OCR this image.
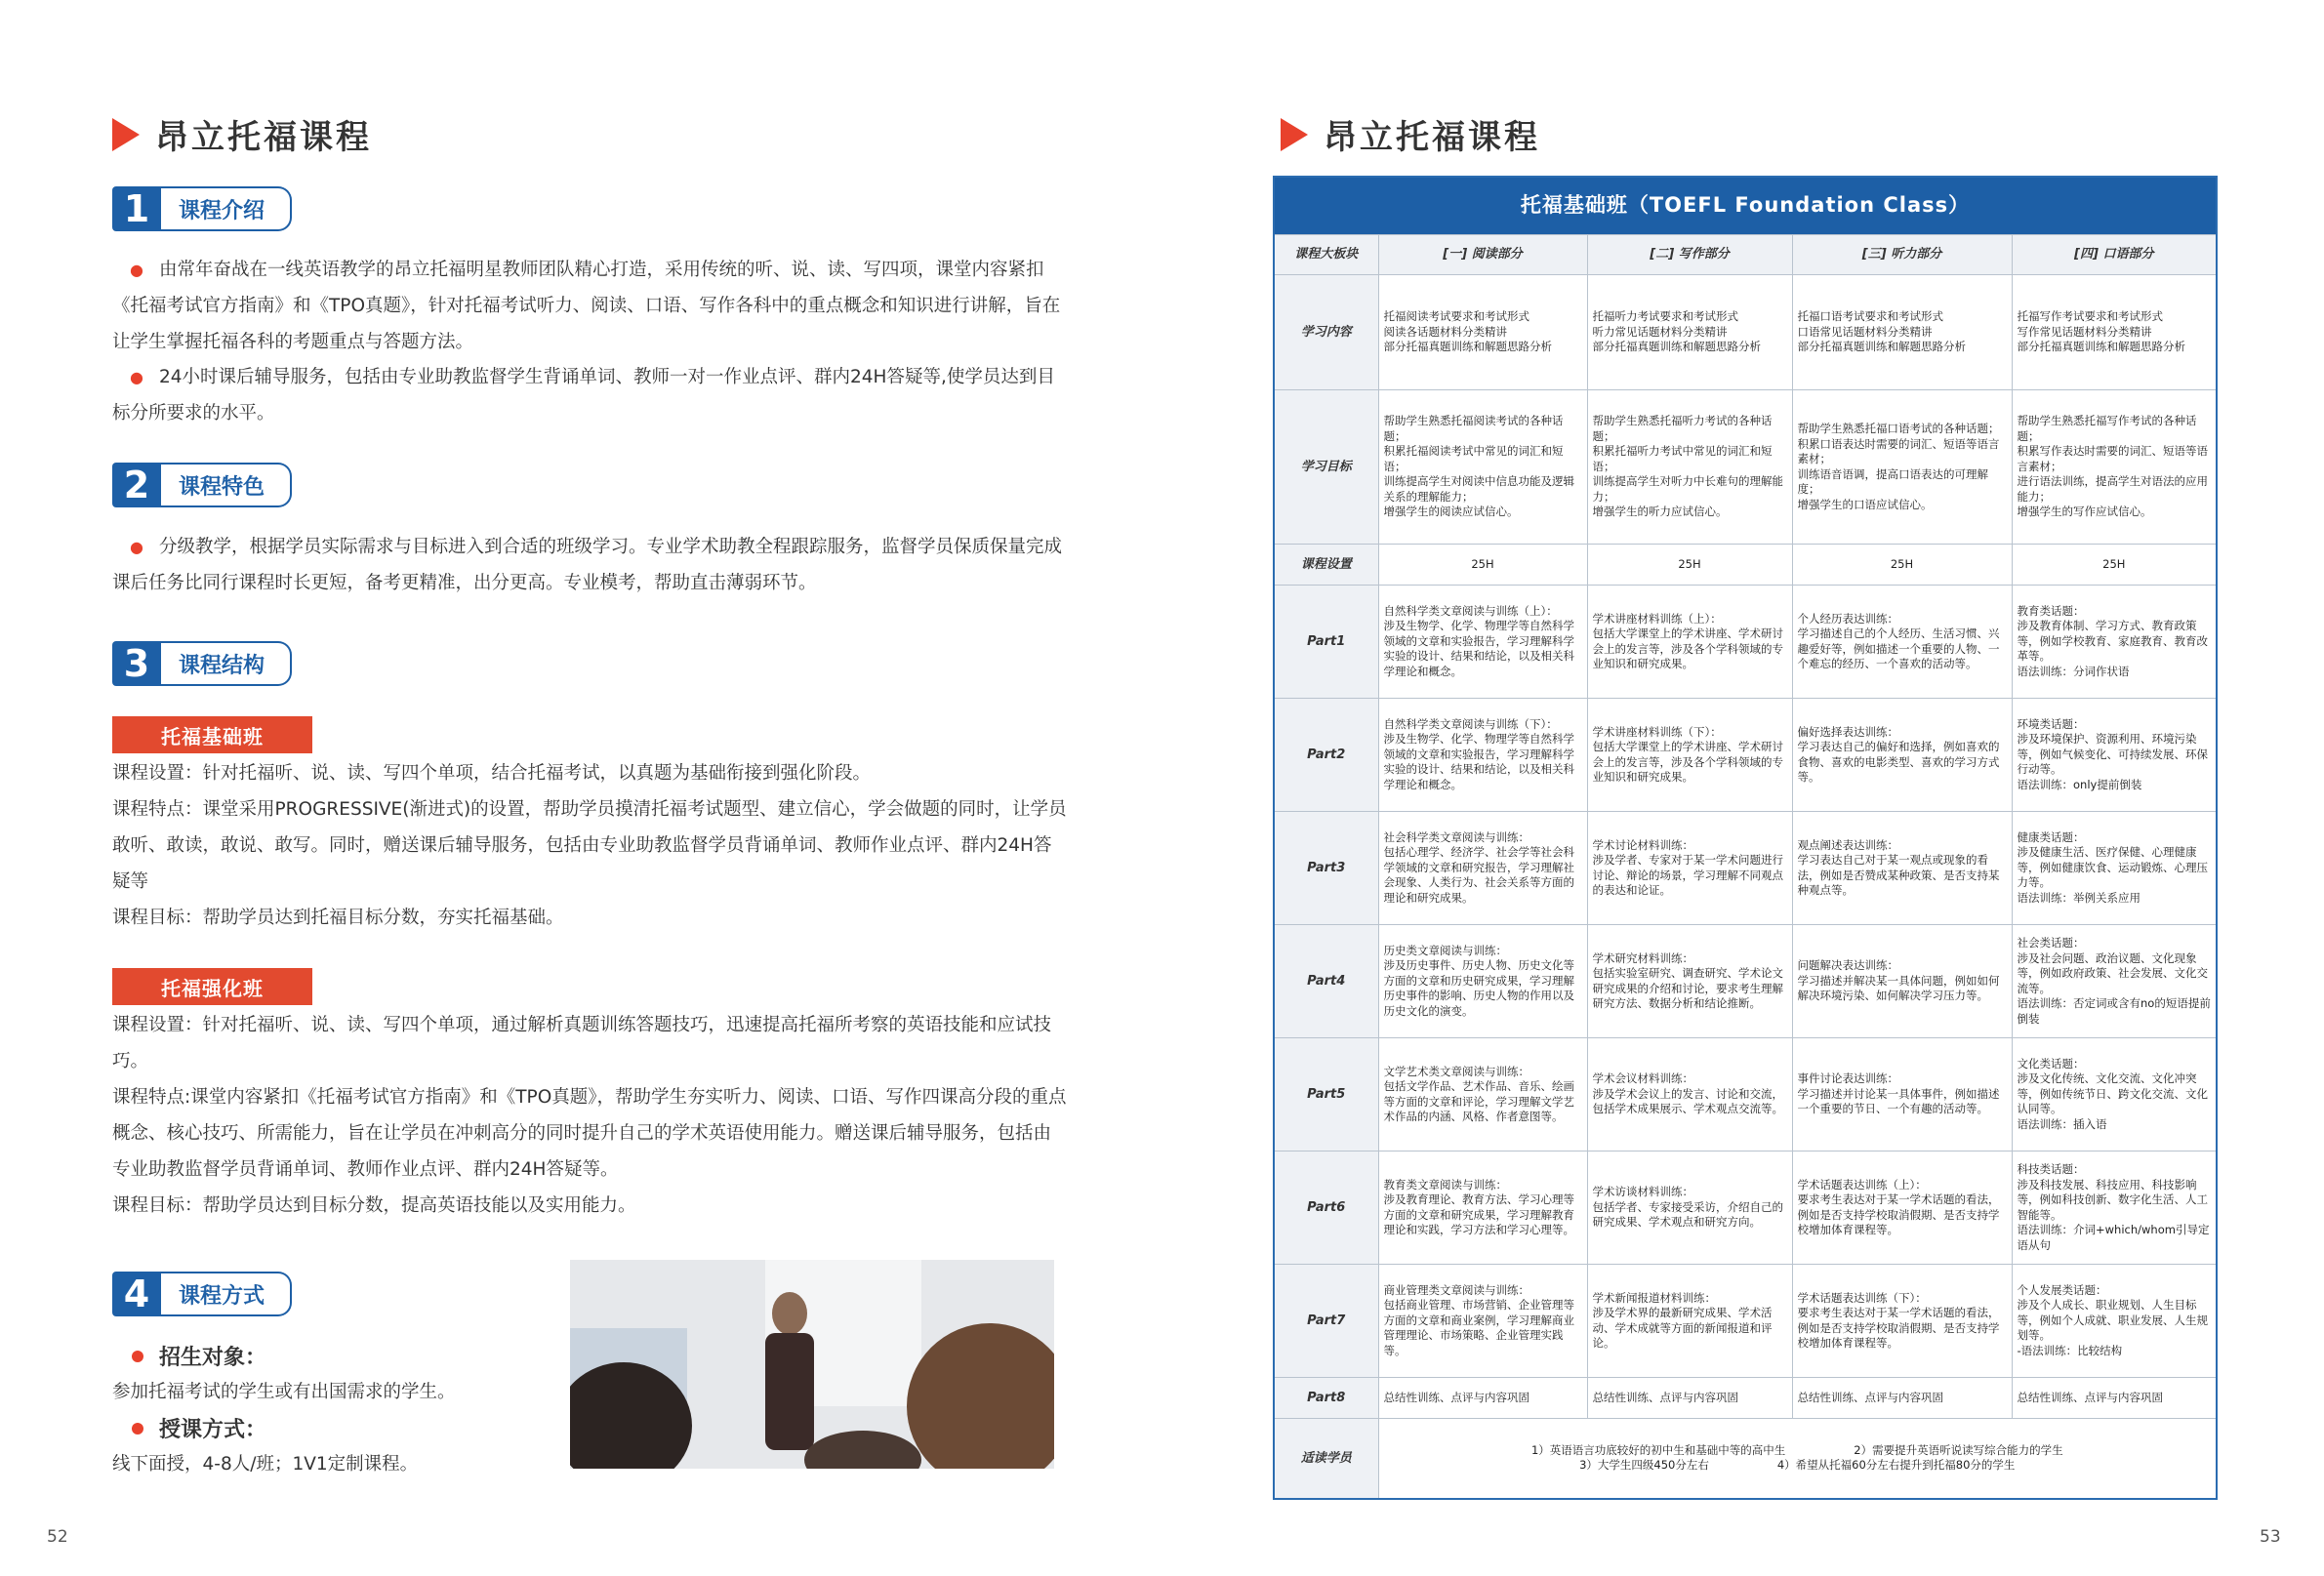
昂立托福课程
1	课程介绍
● 由常年奋战在一线英语教学的昂立托福明星教师团队精心打造，采用传统的听、说、读、写四项，课堂内容紧扣《托福考试官方指南》和《TPO真题》，针对托福考试听力、阅读、口语、写作各科中的重点概念和知识进行讲解，旨在让学生掌握托福各科的考题重点与答题方法。
● 24小时课后辅导服务，包括由专业助教监督学生背诵单词、教师一对一作业点评、群内24H答疑等,使学员达到目标分所要求的水平。
2	课程特色
● 分级教学，根据学员实际需求与目标进入到合适的班级学习。专业学术助教全程跟踪服务，监督学员保质保量完成课后任务比同行课程时长更短，备考更精准，出分更高。专业模考，帮助直击薄弱环节。
3	课程结构
托福基础班
课程设置：针对托福听、说、读、写四个单项，结合托福考试，以真题为基础衔接到强化阶段。
课程特点：课堂采用PROGRESSIVE(渐进式)的设置，帮助学员摸清托福考试题型、建立信心，学会做题的同时，让学员敢听、敢读，敢说、敢写。同时，赠送课后辅导服务，包括由专业助教监督学员背诵单词、教师作业点评、群内24H答疑等
课程目标：帮助学员达到托福目标分数，夯实托福基础。
托福强化班
课程设置：针对托福听、说、读、写四个单项，通过解析真题训练答题技巧，迅速提高托福所考察的英语技能和应试技巧。
课程特点:课堂内容紧扣《托福考试官方指南》和《TPO真题》，帮助学生夯实听力、阅读、口语、写作四课高分段的重点概念、核心技巧、所需能力，旨在让学员在冲刺高分的同时提升自己的学术英语使用能力。赠送课后辅导服务，包括由专业助教监督学员背诵单词、教师作业点评、群内24H答疑等。
课程目标：帮助学员达到目标分数，提高英语技能以及实用能力。
4	课程方式
招生对象：
参加托福考试的学生或有出国需求的学生。
授课方式：
线下面授，4-8人/班；1V1定制课程。
52
昂立托福课程
托福基础班（TOEFL Foundation Class）				
课程大板块	[一] 阅读部分	[二] 写作部分	[三] 听力部分	[四] 口语部分
学习内容	托福阅读考试要求和考试形式
阅读各话题材料分类精讲
部分托福真题训练和解题思路分析	托福听力考试要求和考试形式
听力常见话题材料分类精讲
部分托福真题训练和解题思路分析	托福口语考试要求和考试形式
口语常见话题材料分类精讲
部分托福真题训练和解题思路分析	托福写作考试要求和考试形式
写作常见话题材料分类精讲
部分托福真题训练和解题思路分析
学习目标	帮助学生熟悉托福阅读考试的各种话题；
积累托福阅读考试中常见的词汇和短语；
训练提高学生对阅读中信息功能及逻辑关系的理解能力；
增强学生的阅读应试信心。	帮助学生熟悉托福听力考试的各种话题；
积累托福听力考试中常见的词汇和短语；
训练提高学生对听力中长难句的理解能力；
增强学生的听力应试信心。	帮助学生熟悉托福口语考试的各种话题；
积累口语表达时需要的词汇、短语等语言素材；
训练语音语调，提高口语表达的可理解度；
增强学生的口语应试信心。	帮助学生熟悉托福写作考试的各种话题；
积累写作表达时需要的词汇、短语等语言素材；
进行语法训练，提高学生对语法的应用能力；
增强学生的写作应试信心。
课程设置	25H	25H	25H	25H
Part1	自然科学类文章阅读与训练（上）：
涉及生物学、化学、物理学等自然科学领域的文章和实验报告，学习理解科学实验的设计、结果和结论，以及相关科学理论和概念。	学术讲座材料训练（上）：
包括大学课堂上的学术讲座、学术研讨会上的发言等，涉及各个学科领域的专业知识和研究成果。	个人经历表达训练：
学习描述自己的个人经历、生活习惯、兴趣爱好等，例如描述一个重要的人物、一个难忘的经历、一个喜欢的活动等。	教育类话题：
涉及教育体制、学习方式、教育政策等，例如学校教育、家庭教育、教育改革等。
语法训练：分词作状语
Part2	自然科学类文章阅读与训练（下）：
涉及生物学、化学、物理学等自然科学领域的文章和实验报告，学习理解科学实验的设计、结果和结论，以及相关科学理论和概念。	学术讲座材料训练（下）：
包括大学课堂上的学术讲座、学术研讨会上的发言等，涉及各个学科领域的专业知识和研究成果。	偏好选择表达训练：
学习表达自己的偏好和选择，例如喜欢的食物、喜欢的电影类型、喜欢的学习方式等。	环境类话题：
涉及环境保护、资源利用、环境污染等，例如气候变化、可持续发展、环保行动等。
语法训练：only提前倒装
Part3	社会科学类文章阅读与训练：
包括心理学、经济学、社会学等社会科学领域的文章和研究报告，学习理解社会现象、人类行为、社会关系等方面的理论和研究成果。	学术讨论材料训练：
涉及学者、专家对于某一学术问题进行讨论、辩论的场景，学习理解不同观点的表达和论证。	观点阐述表达训练：
学习表达自己对于某一观点或现象的看法，例如是否赞成某种政策、是否支持某种观点等。	健康类话题：
涉及健康生活、医疗保健、心理健康等，例如健康饮食、运动锻炼、心理压力等。
语法训练：举例关系应用
Part4	历史类文章阅读与训练：
涉及历史事件、历史人物、历史文化等方面的文章和历史研究成果，学习理解历史事件的影响、历史人物的作用以及历史文化的演变。	学术研究材料训练：
包括实验室研究、调查研究、学术论文研究成果的介绍和讨论，要求考生理解研究方法、数据分析和结论推断。	问题解决表达训练：
学习描述并解决某一具体问题，例如如何解决环境污染、如何解决学习压力等。	社会类话题：
涉及社会问题、政治议题、文化现象等，例如政府政策、社会发展、文化交流等。
语法训练：否定词或含有no的短语提前倒装
Part5	文学艺术类文章阅读与训练：
包括文学作品、艺术作品、音乐、绘画等方面的文章和评论，学习理解文学艺术作品的内涵、风格、作者意图等。	学术会议材料训练：
涉及学术会议上的发言、讨论和交流，包括学术成果展示、学术观点交流等。	事件讨论表达训练：
学习描述并讨论某一具体事件，例如描述一个重要的节日、一个有趣的活动等。	文化类话题：
涉及文化传统、文化交流、文化冲突等，例如传统节日、跨文化交流、文化认同等。
语法训练：插入语
Part6	教育类文章阅读与训练：
涉及教育理论、教育方法、学习心理等方面的文章和研究成果，学习理解教育理论和实践，学习方法和学习心理等。	学术访谈材料训练：
包括学者、专家接受采访，介绍自己的研究成果、学术观点和研究方向。	学术话题表达训练（上）：
要求考生表达对于某一学术话题的看法，例如是否支持学校取消假期、是否支持学校增加体育课程等。	科技类话题：
涉及科技发展、科技应用、科技影响等，例如科技创新、数字化生活、人工智能等。
语法训练：介词+which/whom引导定语从句
Part7	商业管理类文章阅读与训练：
包括商业管理、市场营销、企业管理等方面的文章和商业案例，学习理解商业管理理论、市场策略、企业管理实践等。	学术新闻报道材料训练：
涉及学术界的最新研究成果、学术活动、学术成就等方面的新闻报道和评论。	学术话题表达训练（下）：
要求考生表达对于某一学术话题的看法，例如是否支持学校取消假期、是否支持学校增加体育课程等。	个人发展类话题：
涉及个人成长、职业规划、人生目标等，例如个人成就、职业发展、人生规划等。
-语法训练：比较结构
Part8	总结性训练、点评与内容巩固	总结性训练、点评与内容巩固	总结性训练、点评与内容巩固	总结性训练、点评与内容巩固
适读学员	1）英语语言功底较好的初中生和基础中等的高中生 2）需要提升英语听说读写综合能力的学生
3）大学生四级450分左右 4）希望从托福60分左右提升到托福80分的学生			
53
